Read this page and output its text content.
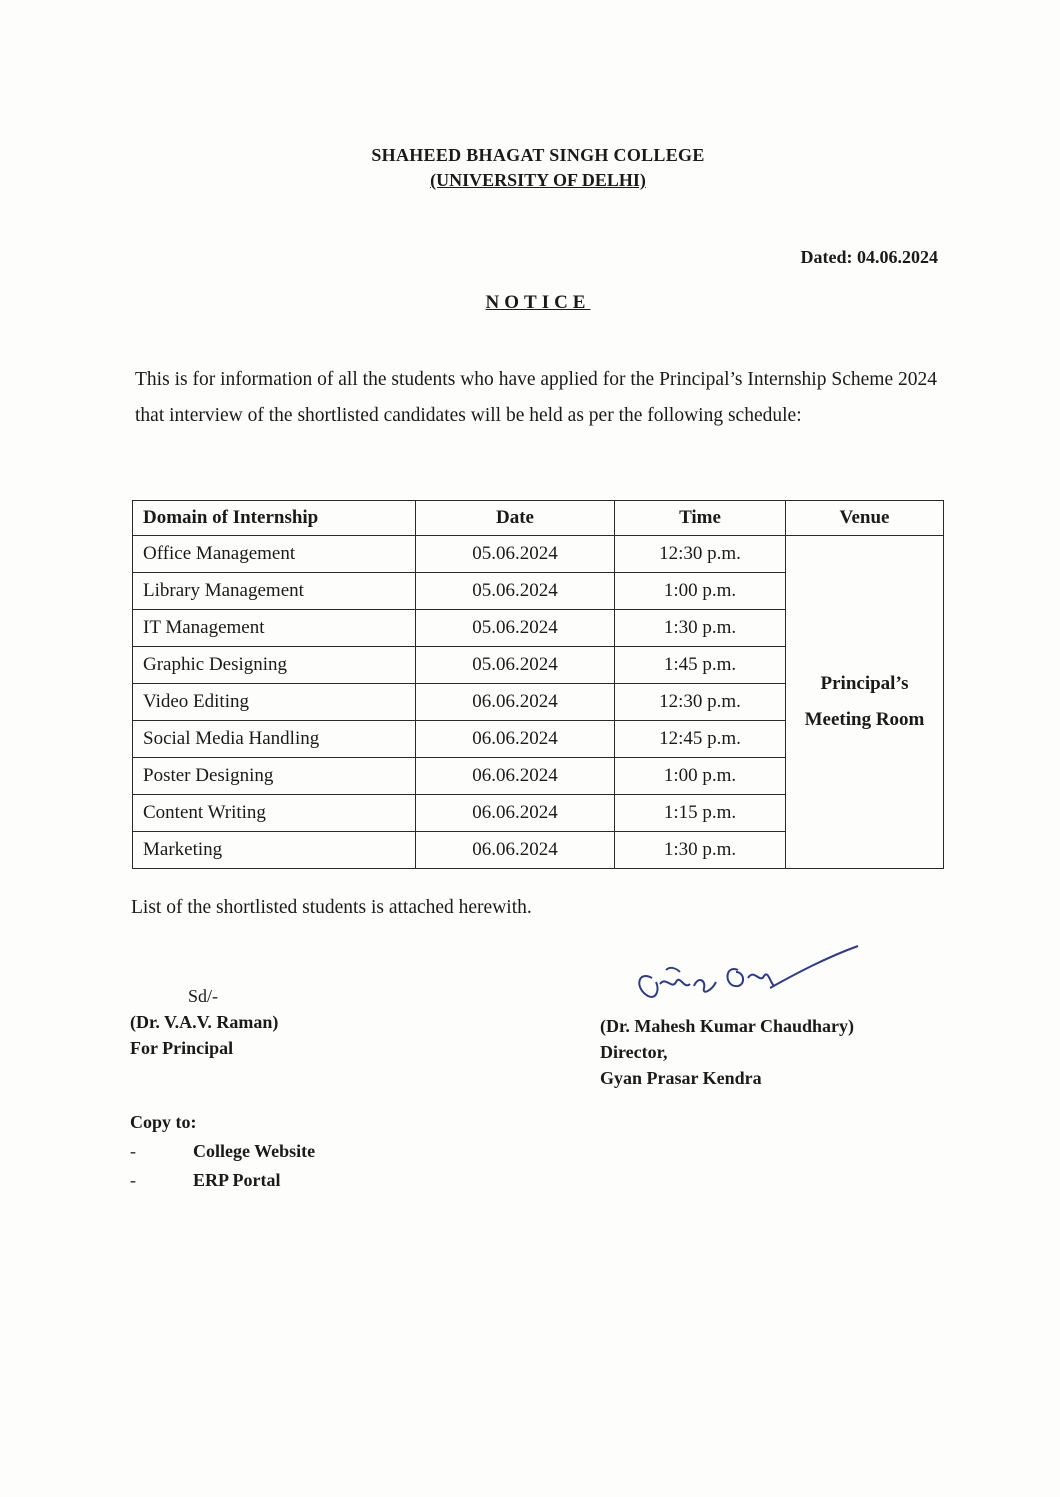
SHAHEED BHAGAT SINGH COLLEGE
(UNIVERSITY OF DELHI)
Dated: 04.06.2024
NOTICE
This is for information of all the students who have applied for the Principal’s Internship Scheme 2024 that interview of the shortlisted candidates will be held as per the following schedule:
Domain of Internship	Date	Time	Venue
Office Management	05.06.2024	12:30 p.m.	Principal’s
Meeting Room

Library Management	05.06.2024	1:00 p.m.	
IT Management	05.06.2024	1:30 p.m.	
Graphic Designing	05.06.2024	1:45 p.m.	
Video Editing	06.06.2024	12:30 p.m.	
Social Media Handling	06.06.2024	12:45 p.m.	
Poster Designing	06.06.2024	1:00 p.m.	
Content Writing	06.06.2024	1:15 p.m.	
Marketing	06.06.2024	1:30 p.m.	
List of the shortlisted students is attached herewith.
Sd/-
(Dr. V.A.V. Raman)
For Principal
(Dr. Mahesh Kumar Chaudhary)
Director,
Gyan Prasar Kendra
Copy to:
-	College Website
-	ERP Portal
